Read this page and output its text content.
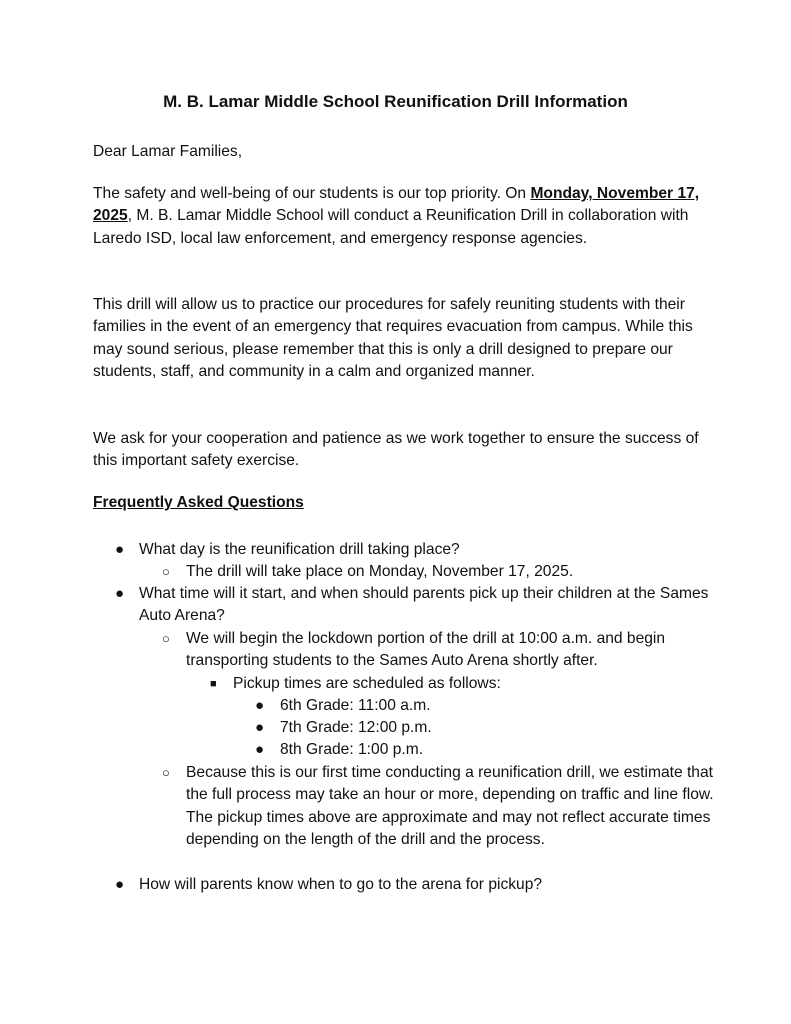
M. B. Lamar Middle School Reunification Drill Information

Dear Lamar Families,

The safety and well-being of our students is our top priority. On Monday, November 17, 2025, M. B. Lamar Middle School will conduct a Reunification Drill in collaboration with Laredo ISD, local law enforcement, and emergency response agencies.

This drill will allow us to practice our procedures for safely reuniting students with their families in the event of an emergency that requires evacuation from campus. While this may sound serious, please remember that this is only a drill designed to prepare our students, staff, and community in a calm and organized manner.

We ask for your cooperation and patience as we work together to ensure the success of this important safety exercise.

Frequently Asked Questions

● What day is the reunification drill taking place?

○ The drill will take place on Monday, November 17, 2025.

● What time will it start, and when should parents pick up their children at the Sames Auto Arena?

○ We will begin the lockdown portion of the drill at 10:00 a.m. and begin transporting students to the Sames Auto Arena shortly after.

■ Pickup times are scheduled as follows:

● 6th Grade: 11:00 a.m.

● 7th Grade: 12:00 p.m.

● 8th Grade: 1:00 p.m.

○ Because this is our first time conducting a reunification drill, we estimate that the full process may take an hour or more, depending on traffic and line flow. The pickup times above are approximate and may not reflect accurate times depending on the length of the drill and the process.

● How will parents know when to go to the arena for pickup?
